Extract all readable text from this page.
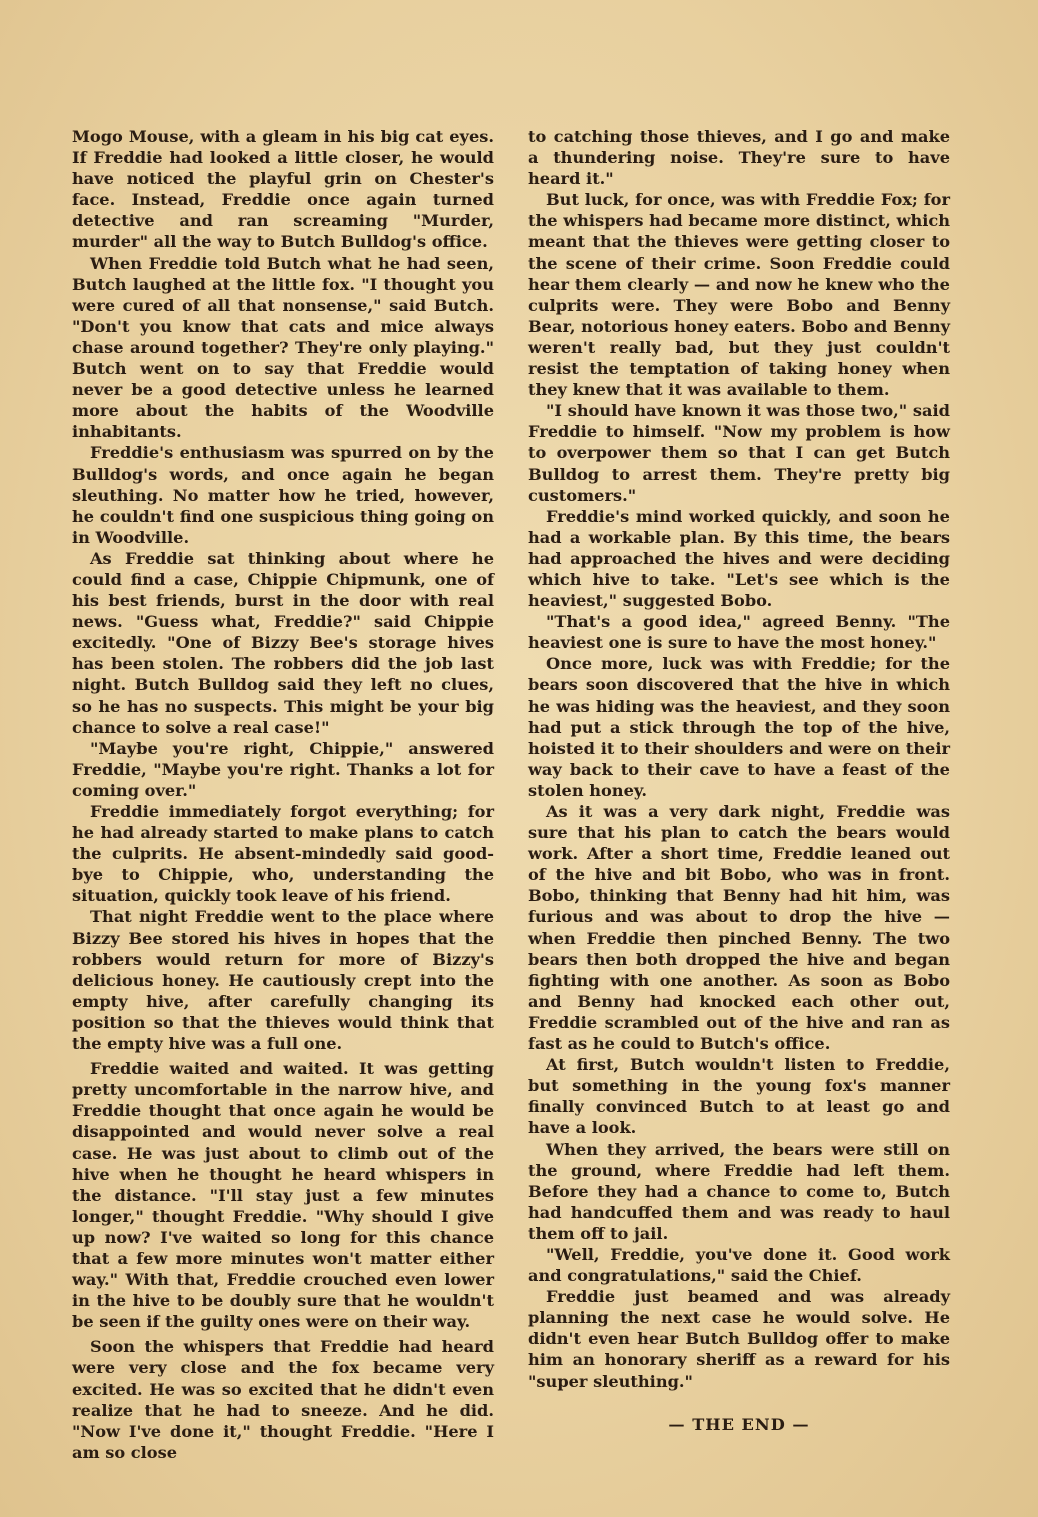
Mogo Mouse, with a gleam in his big cat eyes. If Freddie had looked a little closer, he would have noticed the playful grin on Chester's face. Instead, Freddie once again turned detective and ran screaming "Murder, murder" all the way to Butch Bulldog's office.

When Freddie told Butch what he had seen, Butch laughed at the little fox. "I thought you were cured of all that nonsense," said Butch. "Don't you know that cats and mice always chase around together? They're only playing." Butch went on to say that Freddie would never be a good detective unless he learned more about the habits of the Woodville inhabitants.

Freddie's enthusiasm was spurred on by the Bulldog's words, and once again he began sleuthing. No matter how he tried, however, he couldn't find one suspicious thing going on in Woodville.

As Freddie sat thinking about where he could find a case, Chippie Chipmunk, one of his best friends, burst in the door with real news. "Guess what, Freddie?" said Chippie excitedly. "One of Bizzy Bee's storage hives has been stolen. The robbers did the job last night. Butch Bulldog said they left no clues, so he has no suspects. This might be your big chance to solve a real case!"

"Maybe you're right, Chippie," answered Freddie, "Maybe you're right. Thanks a lot for coming over."

Freddie immediately forgot everything; for he had already started to make plans to catch the culprits. He absent-mindedly said good-bye to Chippie, who, understanding the situation, quickly took leave of his friend.

That night Freddie went to the place where Bizzy Bee stored his hives in hopes that the robbers would return for more of Bizzy's delicious honey. He cautiously crept into the empty hive, after carefully changing its position so that the thieves would think that the empty hive was a full one.

Freddie waited and waited. It was getting pretty uncomfortable in the narrow hive, and Freddie thought that once again he would be disappointed and would never solve a real case. He was just about to climb out of the hive when he thought he heard whispers in the distance. "I'll stay just a few minutes longer," thought Freddie. "Why should I give up now? I've waited so long for this chance that a few more minutes won't matter either way." With that, Freddie crouched even lower in the hive to be doubly sure that he wouldn't be seen if the guilty ones were on their way.

Soon the whispers that Freddie had heard were very close and the fox became very excited. He was so excited that he didn't even realize that he had to sneeze. And he did. "Now I've done it," thought Freddie. "Here I am so close

to catching those thieves, and I go and make a thundering noise. They're sure to have heard it."

But luck, for once, was with Freddie Fox; for the whispers had became more distinct, which meant that the thieves were getting closer to the scene of their crime. Soon Freddie could hear them clearly — and now he knew who the culprits were. They were Bobo and Benny Bear, notorious honey eaters. Bobo and Benny weren't really bad, but they just couldn't resist the temptation of taking honey when they knew that it was available to them.

"I should have known it was those two," said Freddie to himself. "Now my problem is how to overpower them so that I can get Butch Bulldog to arrest them. They're pretty big customers."

Freddie's mind worked quickly, and soon he had a workable plan. By this time, the bears had approached the hives and were deciding which hive to take. "Let's see which is the heaviest," suggested Bobo.

"That's a good idea," agreed Benny. "The heaviest one is sure to have the most honey."

Once more, luck was with Freddie; for the bears soon discovered that the hive in which he was hiding was the heaviest, and they soon had put a stick through the top of the hive, hoisted it to their shoulders and were on their way back to their cave to have a feast of the stolen honey.

As it was a very dark night, Freddie was sure that his plan to catch the bears would work. After a short time, Freddie leaned out of the hive and bit Bobo, who was in front. Bobo, thinking that Benny had hit him, was furious and was about to drop the hive — when Freddie then pinched Benny. The two bears then both dropped the hive and began fighting with one another. As soon as Bobo and Benny had knocked each other out, Freddie scrambled out of the hive and ran as fast as he could to Butch's office.

At first, Butch wouldn't listen to Freddie, but something in the young fox's manner finally convinced Butch to at least go and have a look.

When they arrived, the bears were still on the ground, where Freddie had left them. Before they had a chance to come to, Butch had handcuffed them and was ready to haul them off to jail.

"Well, Freddie, you've done it. Good work and congratulations," said the Chief.

Freddie just beamed and was already planning the next case he would solve. He didn't even hear Butch Bulldog offer to make him an honorary sheriff as a reward for his "super sleuthing."

— THE END —
